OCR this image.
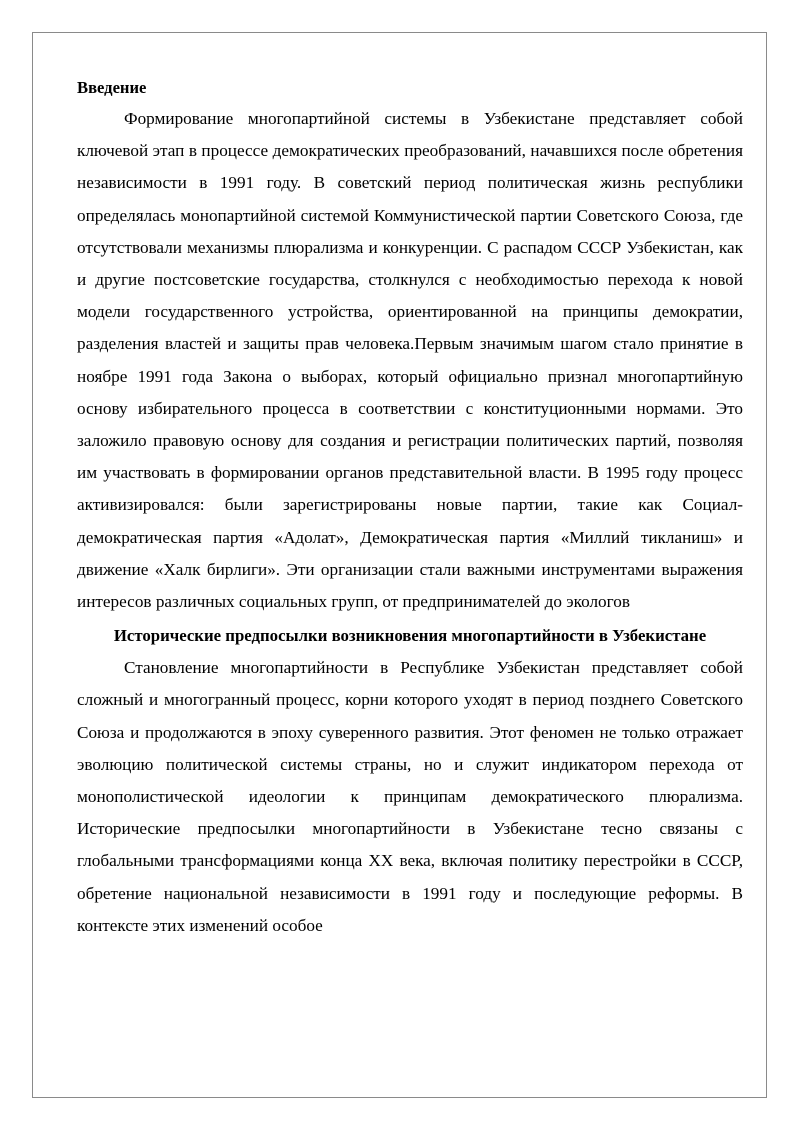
Введение

Формирование многопартийной системы в Узбекистане представляет собой ключевой этап в процессе демократических преобразований, начавшихся после обретения независимости в 1991 году. В советский период политическая жизнь республики определялась монопартийной системой Коммунистической партии Советского Союза, где отсутствовали механизмы плюрализма и конкуренции. С распадом СССР Узбекистан, как и другие постсоветские государства, столкнулся с необходимостью перехода к новой модели государственного устройства, ориентированной на принципы демократии, разделения властей и защиты прав человека.Первым значимым шагом стало принятие в ноябре 1991 года Закона о выборах, который официально признал многопартийную основу избирательного процесса в соответствии с конституционными нормами. Это заложило правовую основу для создания и регистрации политических партий, позволяя им участвовать в формировании органов представительной власти. В 1995 году процесс активизировался: были зарегистрированы новые партии, такие как Социал-демократическая партия «Адолат», Демократическая партия «Миллий тикланиш» и движение «Халк бирлиги». Эти организации стали важными инструментами выражения интересов различных социальных групп, от предпринимателей до экологов

Исторические предпосылки возникновения многопартийности в Узбекистане

Становление многопартийности в Республике Узбекистан представляет собой сложный и многогранный процесс, корни которого уходят в период позднего Советского Союза и продолжаются в эпоху суверенного развития. Этот феномен не только отражает эволюцию политической системы страны, но и служит индикатором перехода от монополистической идеологии к принципам демократического плюрализма. Исторические предпосылки многопартийности в Узбекистане тесно связаны с глобальными трансформациями конца XX века, включая политику перестройки в СССР, обретение национальной независимости в 1991 году и последующие реформы. В контексте этих изменений особое
